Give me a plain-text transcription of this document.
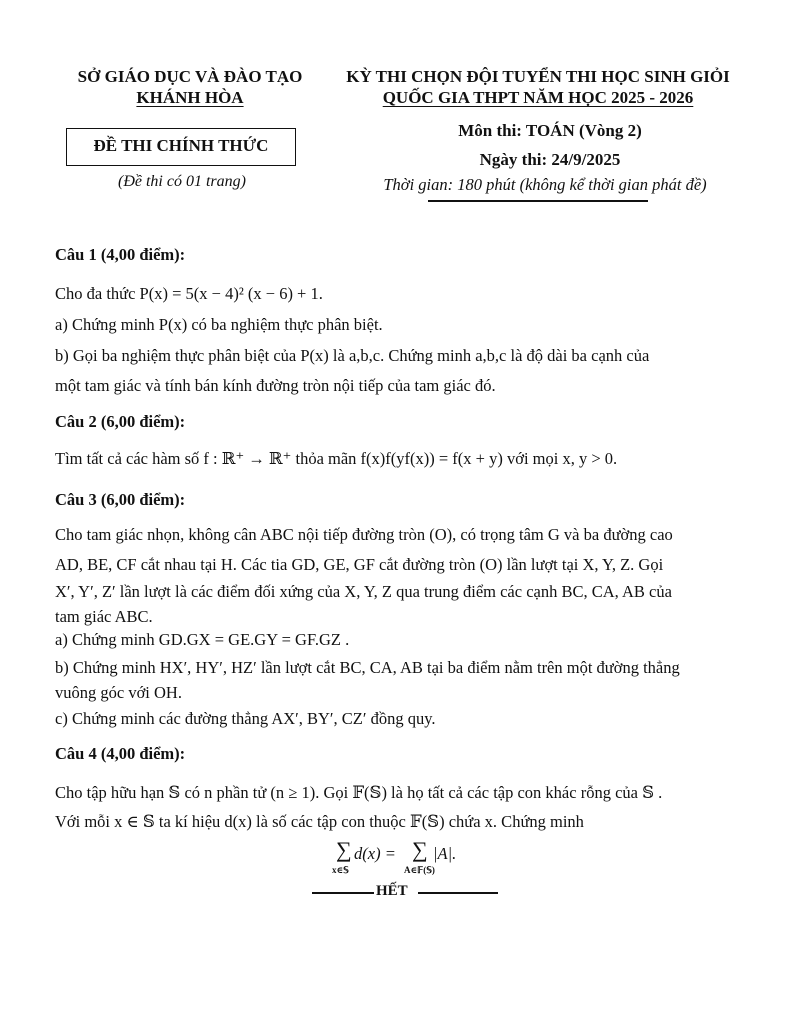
SỞ GIÁO DỤC VÀ ĐÀO TẠO
KHÁNH HÒA
KỲ THI CHỌN ĐỘI TUYỂN THI HỌC SINH GIỎI
QUỐC GIA THPT NĂM HỌC 2025 - 2026
ĐỀ THI CHÍNH THỨC
(Đề thi có 01 trang)
Môn thi: TOÁN (Vòng 2)
Ngày thi: 24/9/2025
Thời gian: 180 phút (không kể thời gian phát đề)
Câu 1 (4,00 điểm):
Cho đa thức P(x) = 5(x − 4)² (x − 6) + 1.
a) Chứng minh P(x) có ba nghiệm thực phân biệt.
b) Gọi ba nghiệm thực phân biệt của P(x) là a,b,c. Chứng minh a,b,c là độ dài ba cạnh của
một tam giác và tính bán kính đường tròn nội tiếp của tam giác đó.
Câu 2 (6,00 điểm):
Tìm tất cả các hàm số f : ℝ⁺ → ℝ⁺ thỏa mãn f(x)f(yf(x)) = f(x + y) với mọi x, y > 0.
Câu 3 (6,00 điểm):
Cho tam giác nhọn, không cân ABC nội tiếp đường tròn (O), có trọng tâm G và ba đường cao
AD, BE, CF cắt nhau tại H. Các tia GD, GE, GF cắt đường tròn (O) lần lượt tại X, Y, Z. Gọi
X′, Y′, Z′ lần lượt là các điểm đối xứng của X, Y, Z qua trung điểm các cạnh BC, CA, AB của
tam giác ABC.
a) Chứng minh GD.GX = GE.GY = GF.GZ .
b) Chứng minh HX′, HY′, HZ′ lần lượt cắt BC, CA, AB tại ba điểm nằm trên một đường thẳng
vuông góc với OH.
c) Chứng minh các đường thẳng AX′, BY′, CZ′ đồng quy.
Câu 4 (4,00 điểm):
Cho tập hữu hạn 𝕊 có n phần tử (n ≥ 1). Gọi 𝔽(𝕊) là họ tất cả các tập con khác rỗng của 𝕊 .
Với mỗi x ∈ 𝕊 ta kí hiệu d(x) là số các tập con thuộc 𝔽(𝕊) chứa x. Chứng minh
∑
x∈𝕊
d(x) = ∑
A∈𝔽(𝕊)
|A|.
HẾT
